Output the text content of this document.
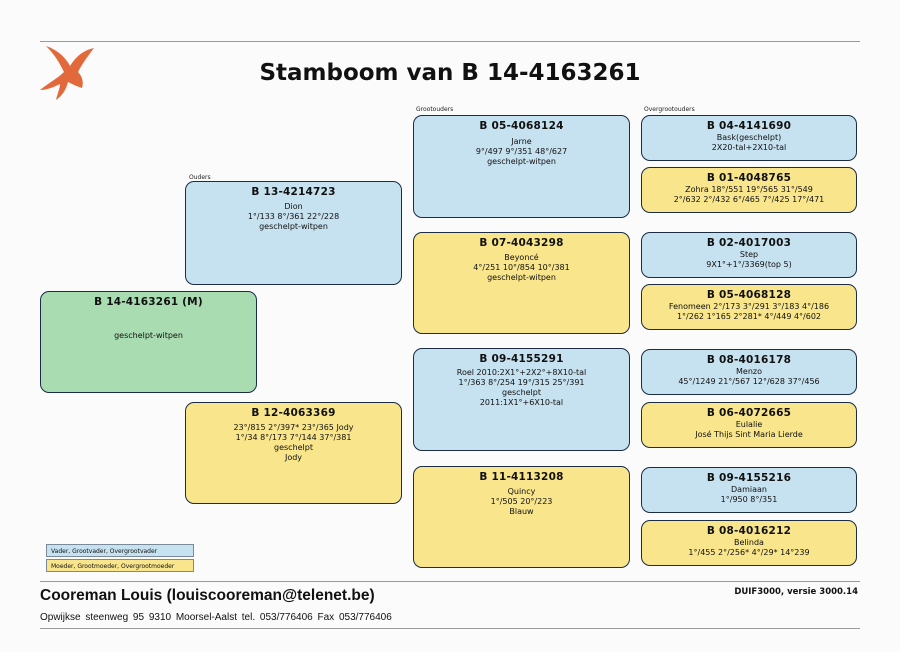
Stamboom van B 14-4163261
Grootouders	Overgrootouders
Ouders
B 14-4163261 (M)
geschelpt-witpen
B 13-4214723
Dion
1°/133 8°/361 22°/228
geschelpt-witpen
B 12-4063369
23°/815 2°/397* 23°/365 Jody
1°/34 8°/173 7°/144 37°/381
geschelpt
Jody
B 05-4068124
Jarne
9°/497 9°/351 48°/627
geschelpt-witpen
B 07-4043298
Beyoncé
4°/251 10°/854 10°/381
geschelpt-witpen
B 09-4155291
Roel 2010:2X1°+2X2°+8X10-tal
1°/363 8°/254 19°/315 25°/391
geschelpt
2011:1X1°+6X10-tal
B 11-4113208
Quincy
1°/505 20°/223
Blauw
B 04-4141690
Bask(geschelpt)
2X20-tal+2X10-tal
B 01-4048765
Zohra 18°/551 19°/565 31°/549
2°/632 2°/432 6°/465 7°/425 17°/471
B 02-4017003
Step
9X1°+1°/3369(top 5)
B 05-4068128
Fenomeen 2°/173 3°/291 3°/183 4°/186
1°/262 1°165 2°281* 4°/449 4°/602
B 08-4016178
Menzo
45°/1249 21°/567 12°/628 37°/456
B 06-4072665
Eulalie
José Thijs Sint Maria Lierde
B 09-4155216
Damiaan
1°/950 8°/351
B 08-4016212
Belinda
1°/455 2°/256* 4°/29* 14°239
Vader, Grootvader, Overgrootvader
Moeder, Grootmoeder, Overgrootmoeder
Cooreman Louis (louiscooreman@telenet.be)	DUIF3000, versie 3000.14
Opwijkse steenweg 95 9310 Moorsel-Aalst tel. 053/776406 Fax 053/776406
